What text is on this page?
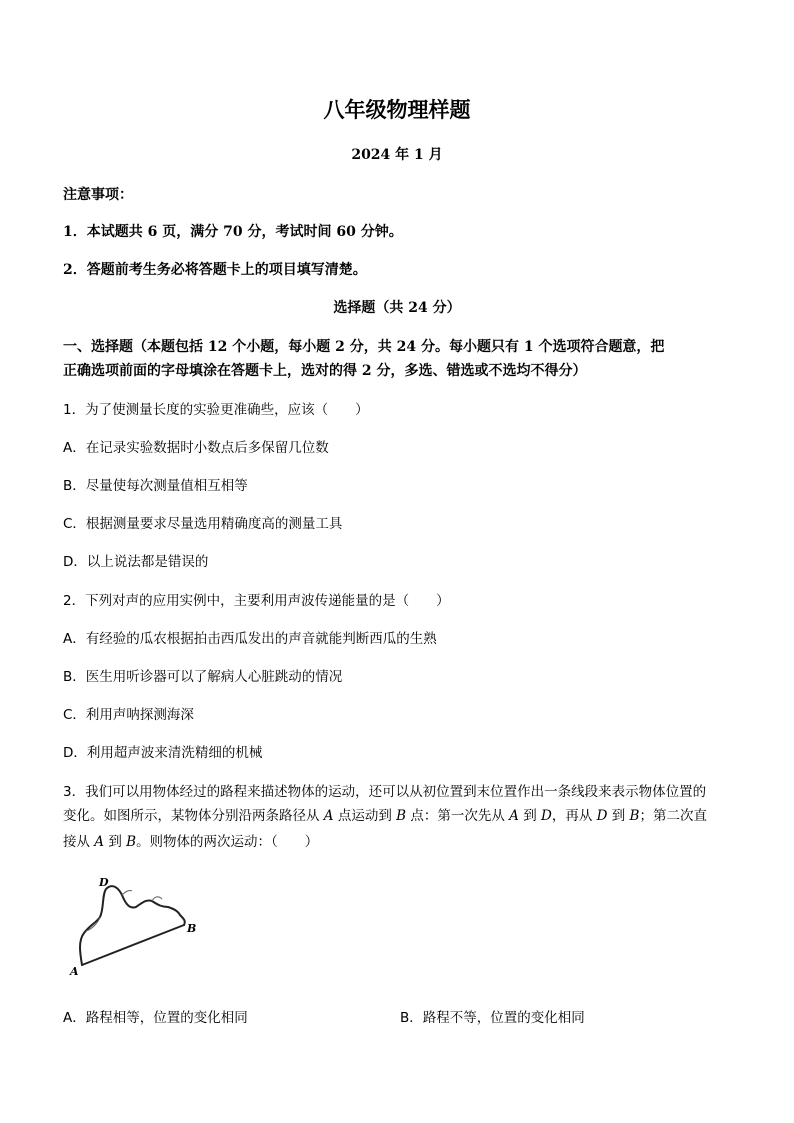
八年级物理样题
2024 年 1 月
注意事项：
1．本试题共 6 页，满分 70 分，考试时间 60 分钟。
2．答题前考生务必将答题卡上的项目填写清楚。
选择题（共 24 分）
一、选择题（本题包括 12 个小题，每小题 2 分，共 24 分。每小题只有 1 个选项符合题意，把
正确选项前面的字母填涂在答题卡上，选对的得 2 分，多选、错选或不选均不得分）
1．为了使测量长度的实验更准确些，应该（　　）
A．在记录实验数据时小数点后多保留几位数
B．尽量使每次测量值相互相等
C．根据测量要求尽量选用精确度高的测量工具
D．以上说法都是错误的
2．下列对声的应用实例中，主要利用声波传递能量的是（　　）
A．有经验的瓜农根据拍击西瓜发出的声音就能判断西瓜的生熟
B．医生用听诊器可以了解病人心脏跳动的情况
C．利用声呐探测海深
D．利用超声波来清洗精细的机械
3．我们可以用物体经过的路程来描述物体的运动，还可以从初位置到末位置作出一条线段来表示物体位置的
变化。如图所示，某物体分别沿两条路径从 A 点运动到 B 点：第一次先从 A 到 D，再从 D 到 B；第二次直
接从 A 到 B。则物体的两次运动：（　　）
D
A
B
A．路程相等，位置的变化相同	B．路程不等，位置的变化相同
